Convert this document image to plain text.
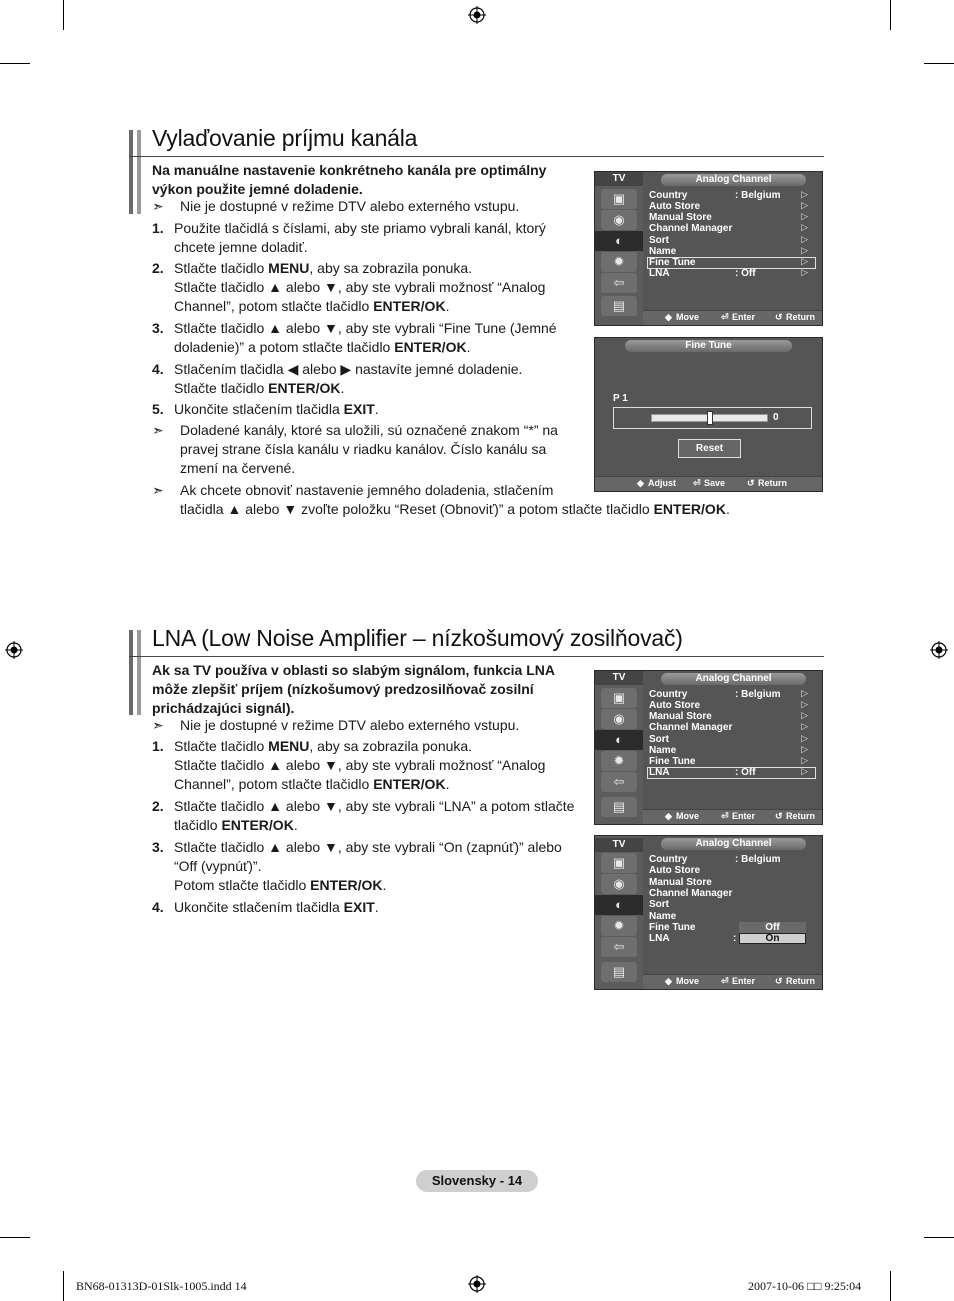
Vylaďovanie príjmu kanála
Na manuálne nastavenie konkrétneho kanála pre optimálny výkon použite jemné doladenie.
➣ Nie je dostupné v režime DTV alebo externého vstupu.
1. Použite tlačidlá s číslami, aby ste priamo vybrali kanál, ktorý
chcete jemne doladiť.
2. Stlačte tlačidlo MENU, aby sa zobrazila ponuka.
Stlačte tlačidlo ▲ alebo ▼, aby ste vybrali možnosť “Analog
Channel”, potom stlačte tlačidlo ENTER/OK.
3. Stlačte tlačidlo ▲ alebo ▼, aby ste vybrali “Fine Tune (Jemné
doladenie)” a potom stlačte tlačidlo ENTER/OK.
4. Stlačením tlačidla ◀ alebo ▶ nastavíte jemné doladenie.
Stlačte tlačidlo ENTER/OK.
5. Ukončite stlačením tlačidla EXIT.
➣ Doladené kanály, ktoré sa uložili, sú označené znakom “*” na
pravej strane čísla kanálu v riadku kanálov. Číslo kanálu sa
zmení na červené.
➣ Ak chcete obnoviť nastavenie jemného doladenia, stlačením
tlačidla ▲ alebo ▼ zvoľte položku “Reset (Obnoviť)” a potom stlačte tlačidlo ENTER/OK.
TV
▣
◉
◐
✹
⇦
▤
Analog Channel
Country	: Belgium ▷
Auto Store	▷
Manual Store	▷
Channel Manager	▷
Sort	▷
Name	▷
Fine Tune	▷
LNA	: Off	▷
◆ Move ⏎ Enter ↺ Return
Fine Tune
P 1
0
Reset
◆ Adjust ⏎ Save ↺ Return
LNA (Low Noise Amplifier – nízkošumový zosilňovač)
Ak sa TV používa v oblasti so slabým signálom, funkcia LNA
môže zlepšiť príjem (nízkošumový predzosilňovač zosilní
prichádzajúci signál).
➣ Nie je dostupné v režime DTV alebo externého vstupu.
1. Stlačte tlačidlo MENU, aby sa zobrazila ponuka.
Stlačte tlačidlo ▲ alebo ▼, aby ste vybrali možnosť “Analog
Channel”, potom stlačte tlačidlo ENTER/OK.
2. Stlačte tlačidlo ▲ alebo ▼, aby ste vybrali “LNA” a potom stlačte
tlačidlo ENTER/OK.
3. Stlačte tlačidlo ▲ alebo ▼, aby ste vybrali “On (zapnúť)” alebo
“Off (vypnúť)”.
Potom stlačte tlačidlo ENTER/OK.
4. Ukončite stlačením tlačidla EXIT.
TV
▣
◉
◐
✹
⇦
▤
Analog Channel
Country	: Belgium ▷
Auto Store	▷
Manual Store	▷
Channel Manager	▷
Sort	▷
Name	▷
Fine Tune	▷
LNA	: Off	▷
◆ Move ⏎ Enter ↺ Return
TV
▣
◉
◐
✹
⇦
▤
Analog Channel
Country	: Belgium
Auto Store
Manual Store
Channel Manager
Sort
Name
Fine Tune
LNA	:
Off
On
◆ Move ⏎ Enter ↺ Return
Slovensky - 14
BN68-01313D-01Slk-1005.indd 14	2007-10-06 □□ 9:25:04
